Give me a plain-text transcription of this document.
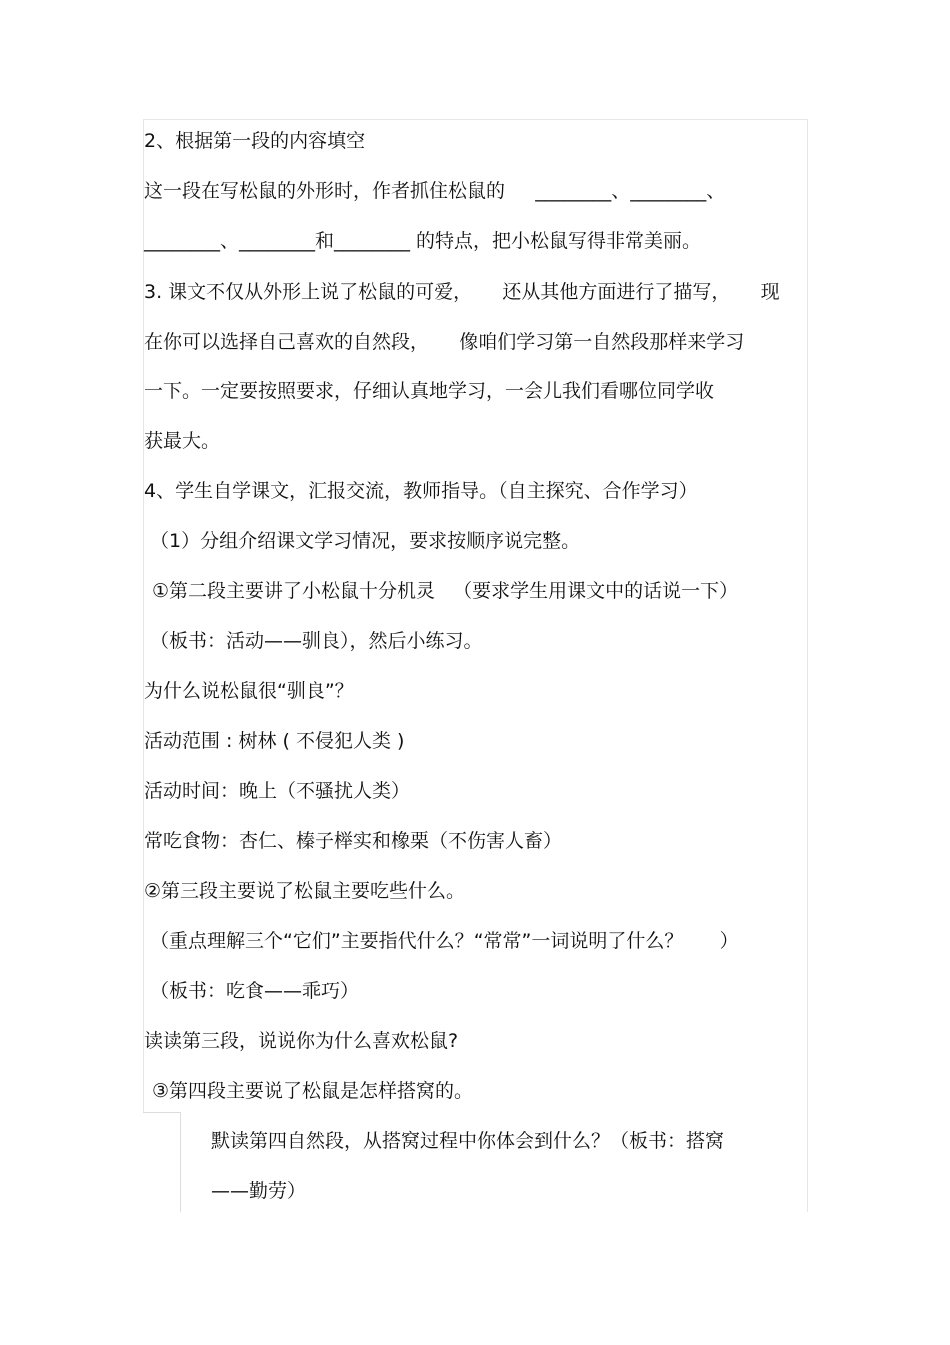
2、根据第一段的内容填空
这一段在写松鼠的外形时，作者抓住松鼠的     ________、________、
________、________和________ 的特点，把小松鼠写得非常美丽。
3. 课文不仅从外形上说了松鼠的可爱，     还从其他方面进行了描写，     现
在你可以选择自己喜欢的自然段，     像咱们学习第一自然段那样来学习
一下。一定要按照要求，仔细认真地学习，一会儿我们看哪位同学收
获最大。
4、学生自学课文，汇报交流，教师指导。（自主探究、合作学习）
（1）分组介绍课文学习情况，要求按顺序说完整。
①第二段主要讲了小松鼠十分机灵   （要求学生用课文中的话说一下）
（板书：活动——驯良），然后小练习。
为什么说松鼠很“驯良”？
活动范围 : 树林 ( 不侵犯人类 )
活动时间：晚上（不骚扰人类）
常吃食物：杏仁、榛子榉实和橡栗（不伤害人畜）
②第三段主要说了松鼠主要吃些什么。
（重点理解三个“它们”主要指代什么？“常常”一词说明了什么？      ）
（板书：吃食——乖巧）
读读第三段，说说你为什么喜欢松鼠?
③第四段主要说了松鼠是怎样搭窝的。
默读第四自然段，从搭窝过程中你体会到什么？（板书：搭窝
——勤劳）
